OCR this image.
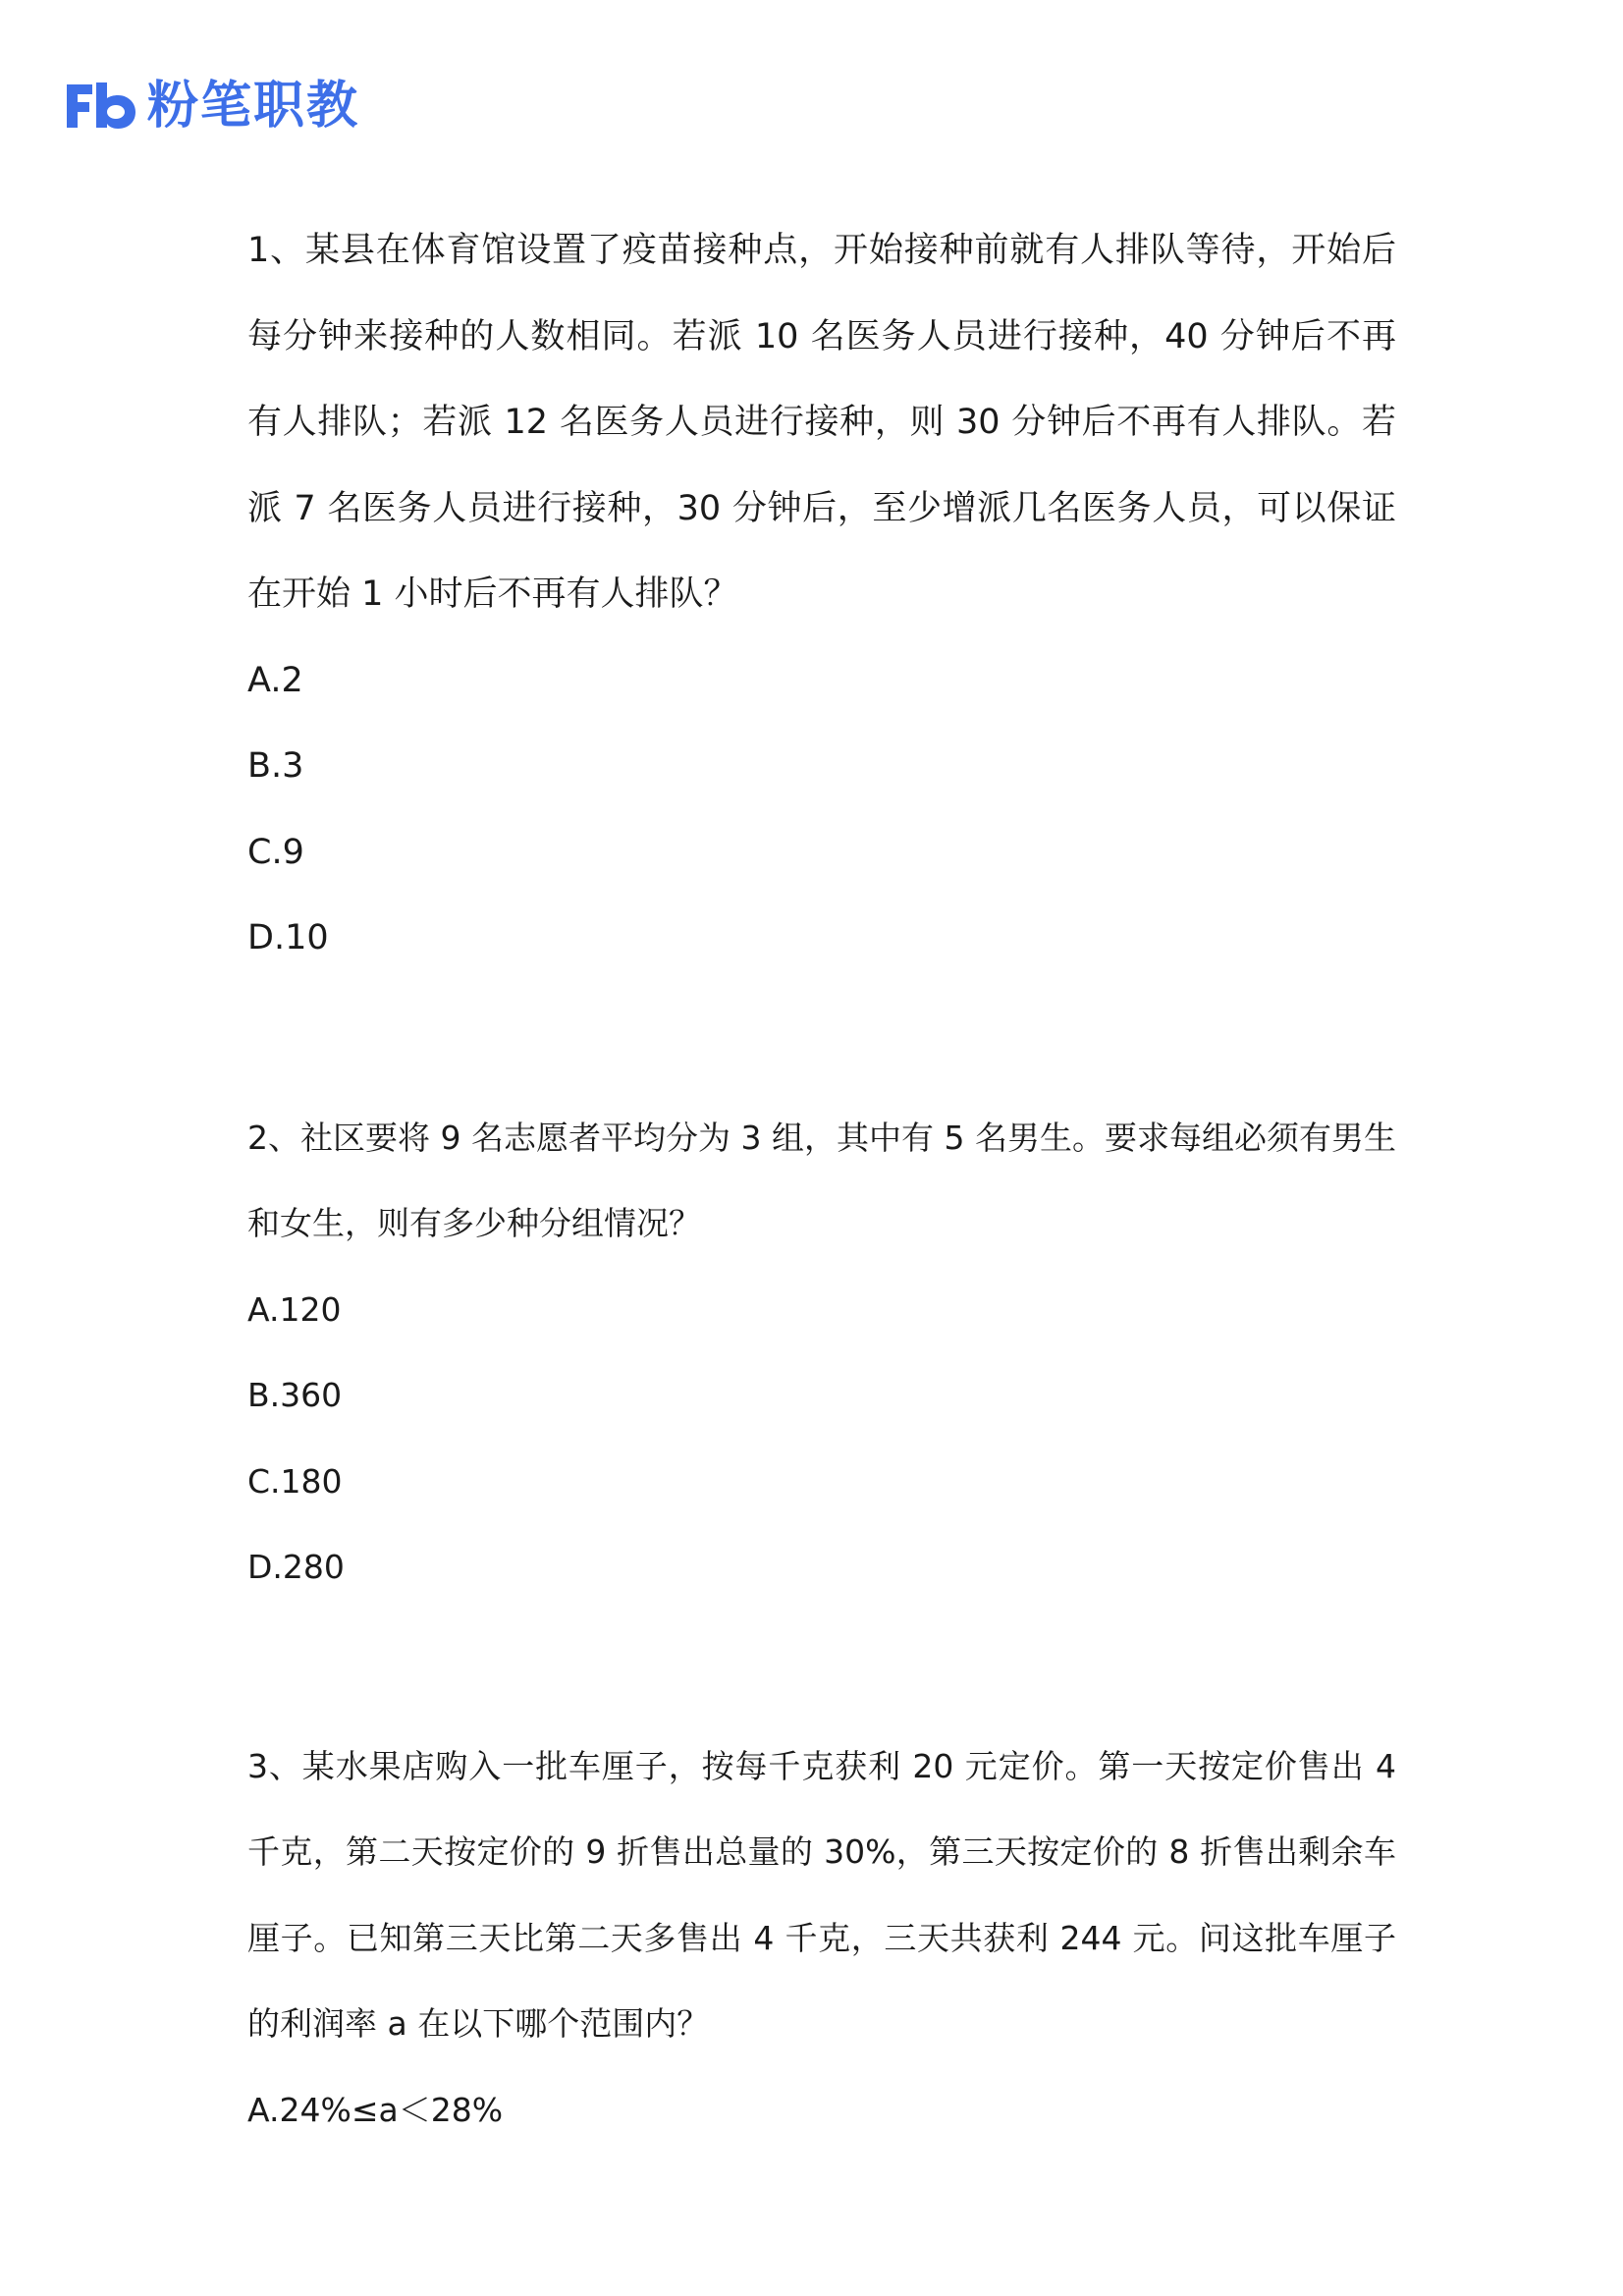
粉笔职教

1、某县在体育馆设置了疫苗接种点，开始接种前就有人排队等待，开始后每分钟来接种的人数相同。若派 10 名医务人员进行接种，40 分钟后不再有人排队；若派 12 名医务人员进行接种，则 30 分钟后不再有人排队。若派 7 名医务人员进行接种，30 分钟后，至少增派几名医务人员，可以保证在开始 1 小时后不再有人排队？

A.2

B.3

C.9

D.10

2、社区要将 9 名志愿者平均分为 3 组，其中有 5 名男生。要求每组必须有男生和女生，则有多少种分组情况？

A.120

B.360

C.180

D.280

3、某水果店购入一批车厘子，按每千克获利 20 元定价。第一天按定价售出 4 千克，第二天按定价的 9 折售出总量的 30%，第三天按定价的 8 折售出剩余车厘子。已知第三天比第二天多售出 4 千克，三天共获利 244 元。问这批车厘子的利润率 a 在以下哪个范围内？

A.24%≤a＜28%
